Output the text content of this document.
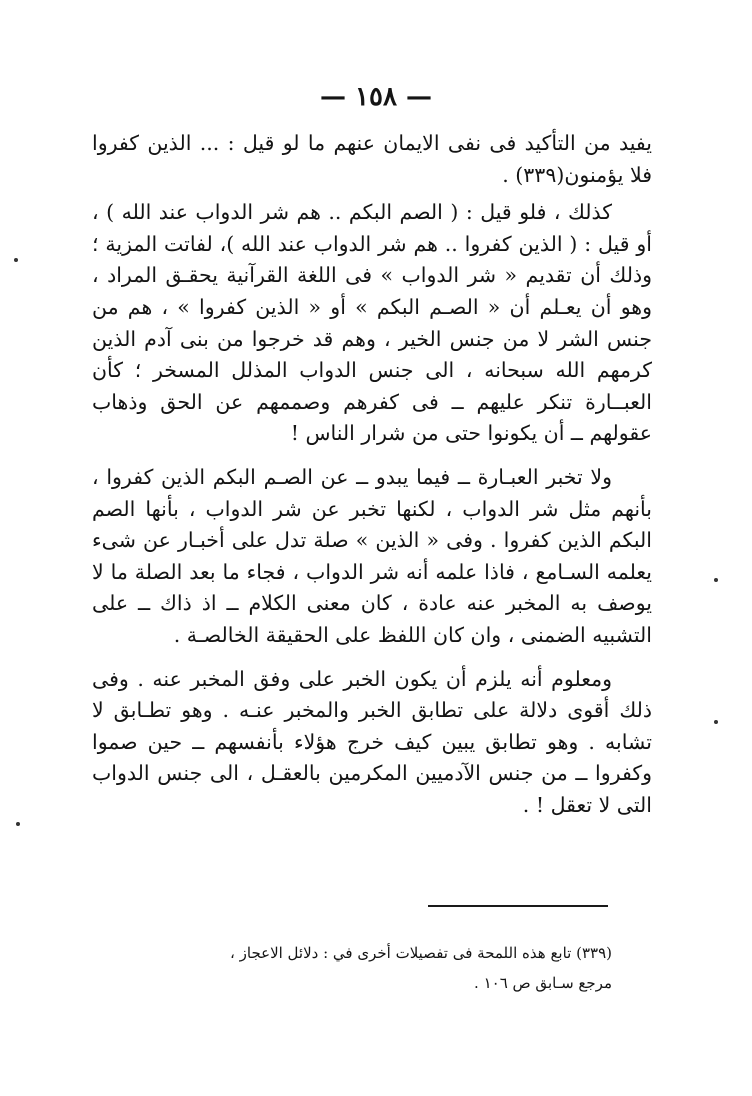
— ١٥٨ —

يفيد من التأكيد فى نفى الايمان عنهم ما لو قيل : ... الذين كفروا فلا يؤمنون(٣٣٩) .

كذلك ، فلو قيل : ( الصم البكم .. هم شر الدواب عند الله ) ، أو قيل : ( الذين كفروا .. هم شر الدواب عند الله )، لفاتت المزية ؛ وذلك أن تقديم « شر الدواب » فى اللغة القرآنية يحقـق المراد ، وهو أن يعـلم أن « الصـم البكم » أو « الذين كفروا » ، هم من جنس الشر لا من جنس الخير ، وهم قد خرجوا من بنى آدم الذين كرمهم الله سبحانه ، الى جنس الدواب المذلل المسخر ؛ كأن العبــارة تنكر عليهم ــ فى كفرهم وصممهم عن الحق وذهاب عقولهم ــ أن يكونوا حتى من شرار الناس !

ولا تخبر العبـارة ــ فيما يبدو ــ عن الصـم البكم الذين كفروا ، بأنهم مثل شر الدواب ، لكنها تخبر عن شر الدواب ، بأنها الصم البكم الذين كفروا . وفى « الذين » صلة تدل على أخبـار عن شىء يعلمه السـامع ، فاذا علمه أنه شر الدواب ، فجاء ما بعد الصلة ما لا يوصف به المخبر عنه عادة ، كان معنى الكلام ــ اذ ذاك ــ على التشبيه الضمنى ، وان كان اللفظ على الحقيقة الخالصـة .

ومعلوم أنه يلزم أن يكون الخبر على وفق المخبر عنه . وفى ذلك أقوى دلالة على تطابق الخبر والمخبر عنـه . وهو تطـابق لا تشابه . وهو تطابق يبين كيف خرج هؤلاء بأنفسهم ــ حين صموا وكفروا ــ من جنس الآدميين المكرمين بالعقـل ، الى جنس الدواب التى لا تعقل ! .

(٣٣٩) تابع هذه اللمحة فى تفصيلات أخرى في : دلائل الاعجاز ،

مرجع سـابق ص ١٠٦ .
